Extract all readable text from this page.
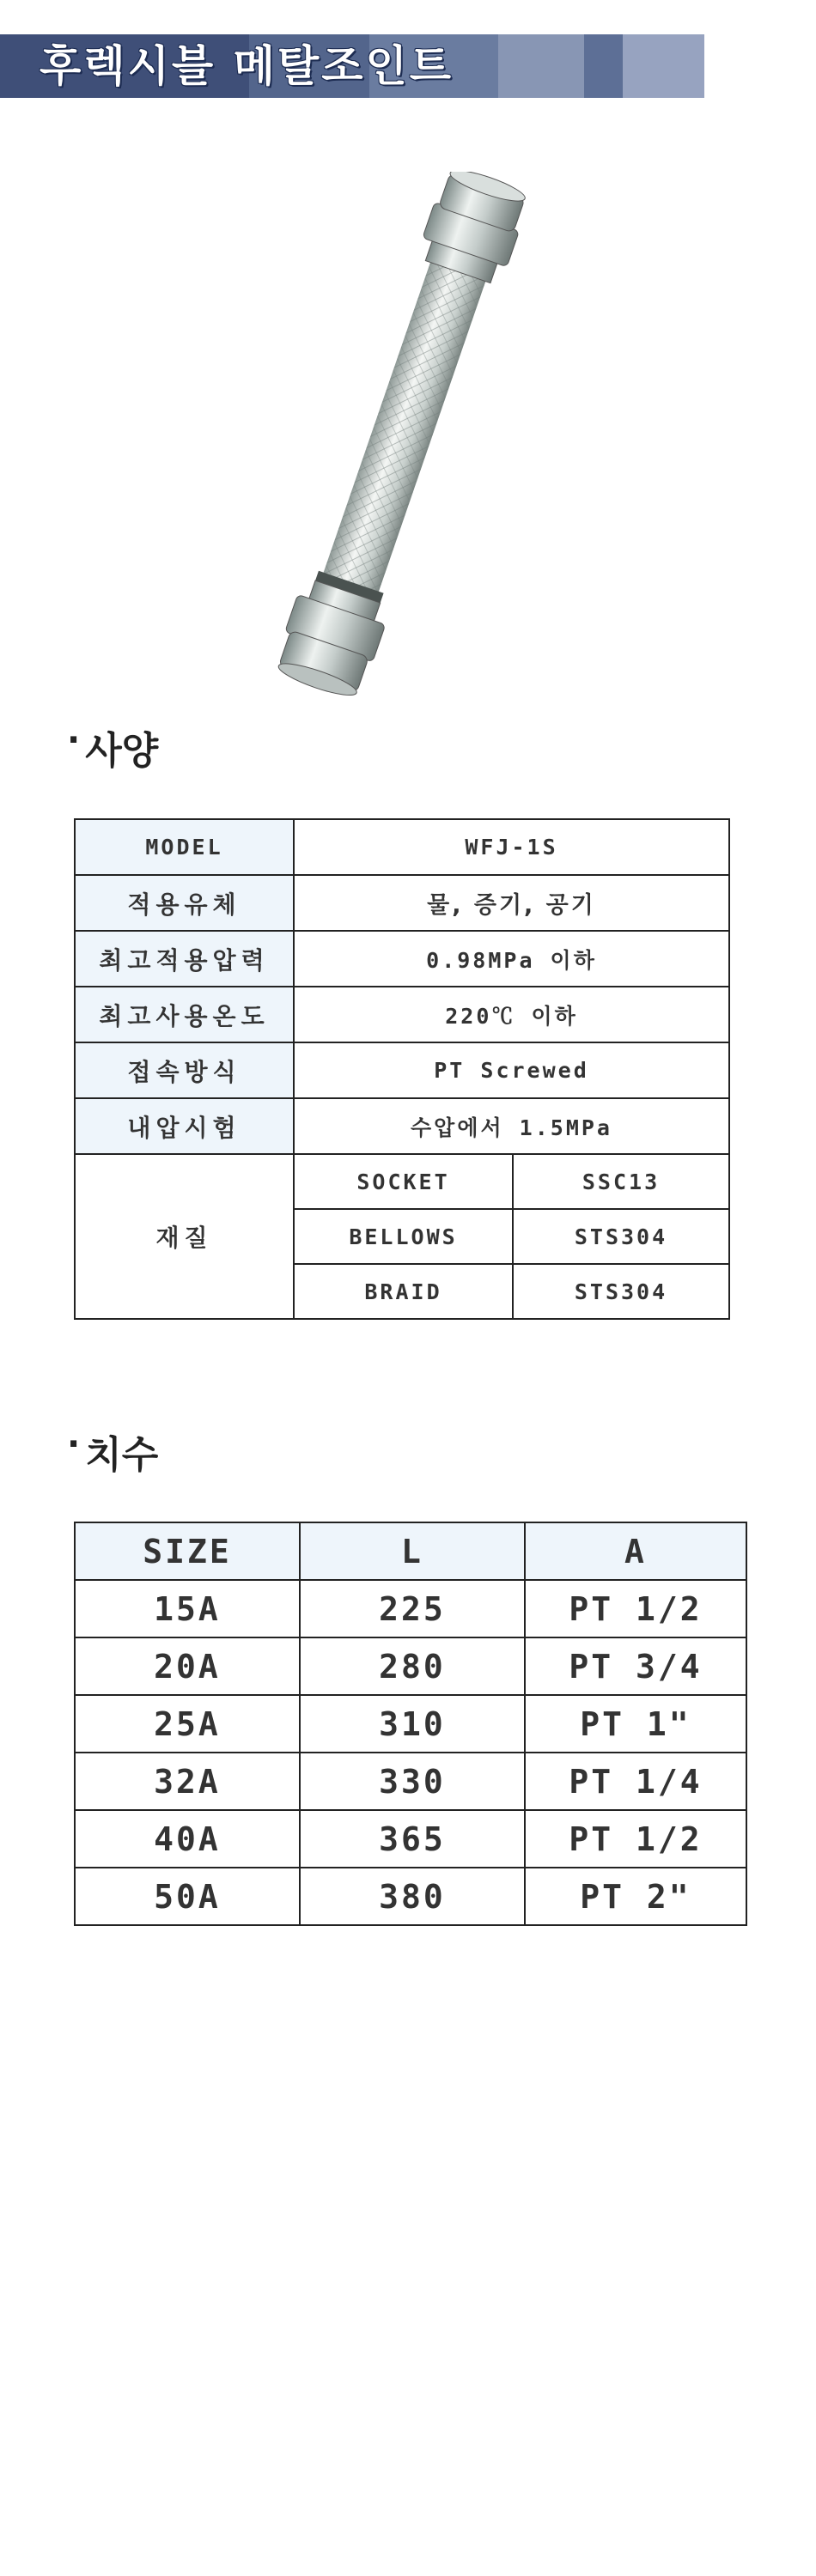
후렉시블 메탈조인트
· 사양
MODEL	WFJ-1S	
적용유체	물, 증기, 공기	
최고적용압력	0.98MPa 이하	
최고사용온도	220℃ 이하	
접속방식	PT Screwed	
내압시험	수압에서 1.5MPa	
재질	SOCKET	SSC13
	BELLOWS	STS304
	BRAID	STS304
· 치수
SIZE	L	A
15A	225	PT 1/2
20A	280	PT 3/4
25A	310	PT 1"
32A	330	PT 1/4
40A	365	PT 1/2
50A	380	PT 2"
